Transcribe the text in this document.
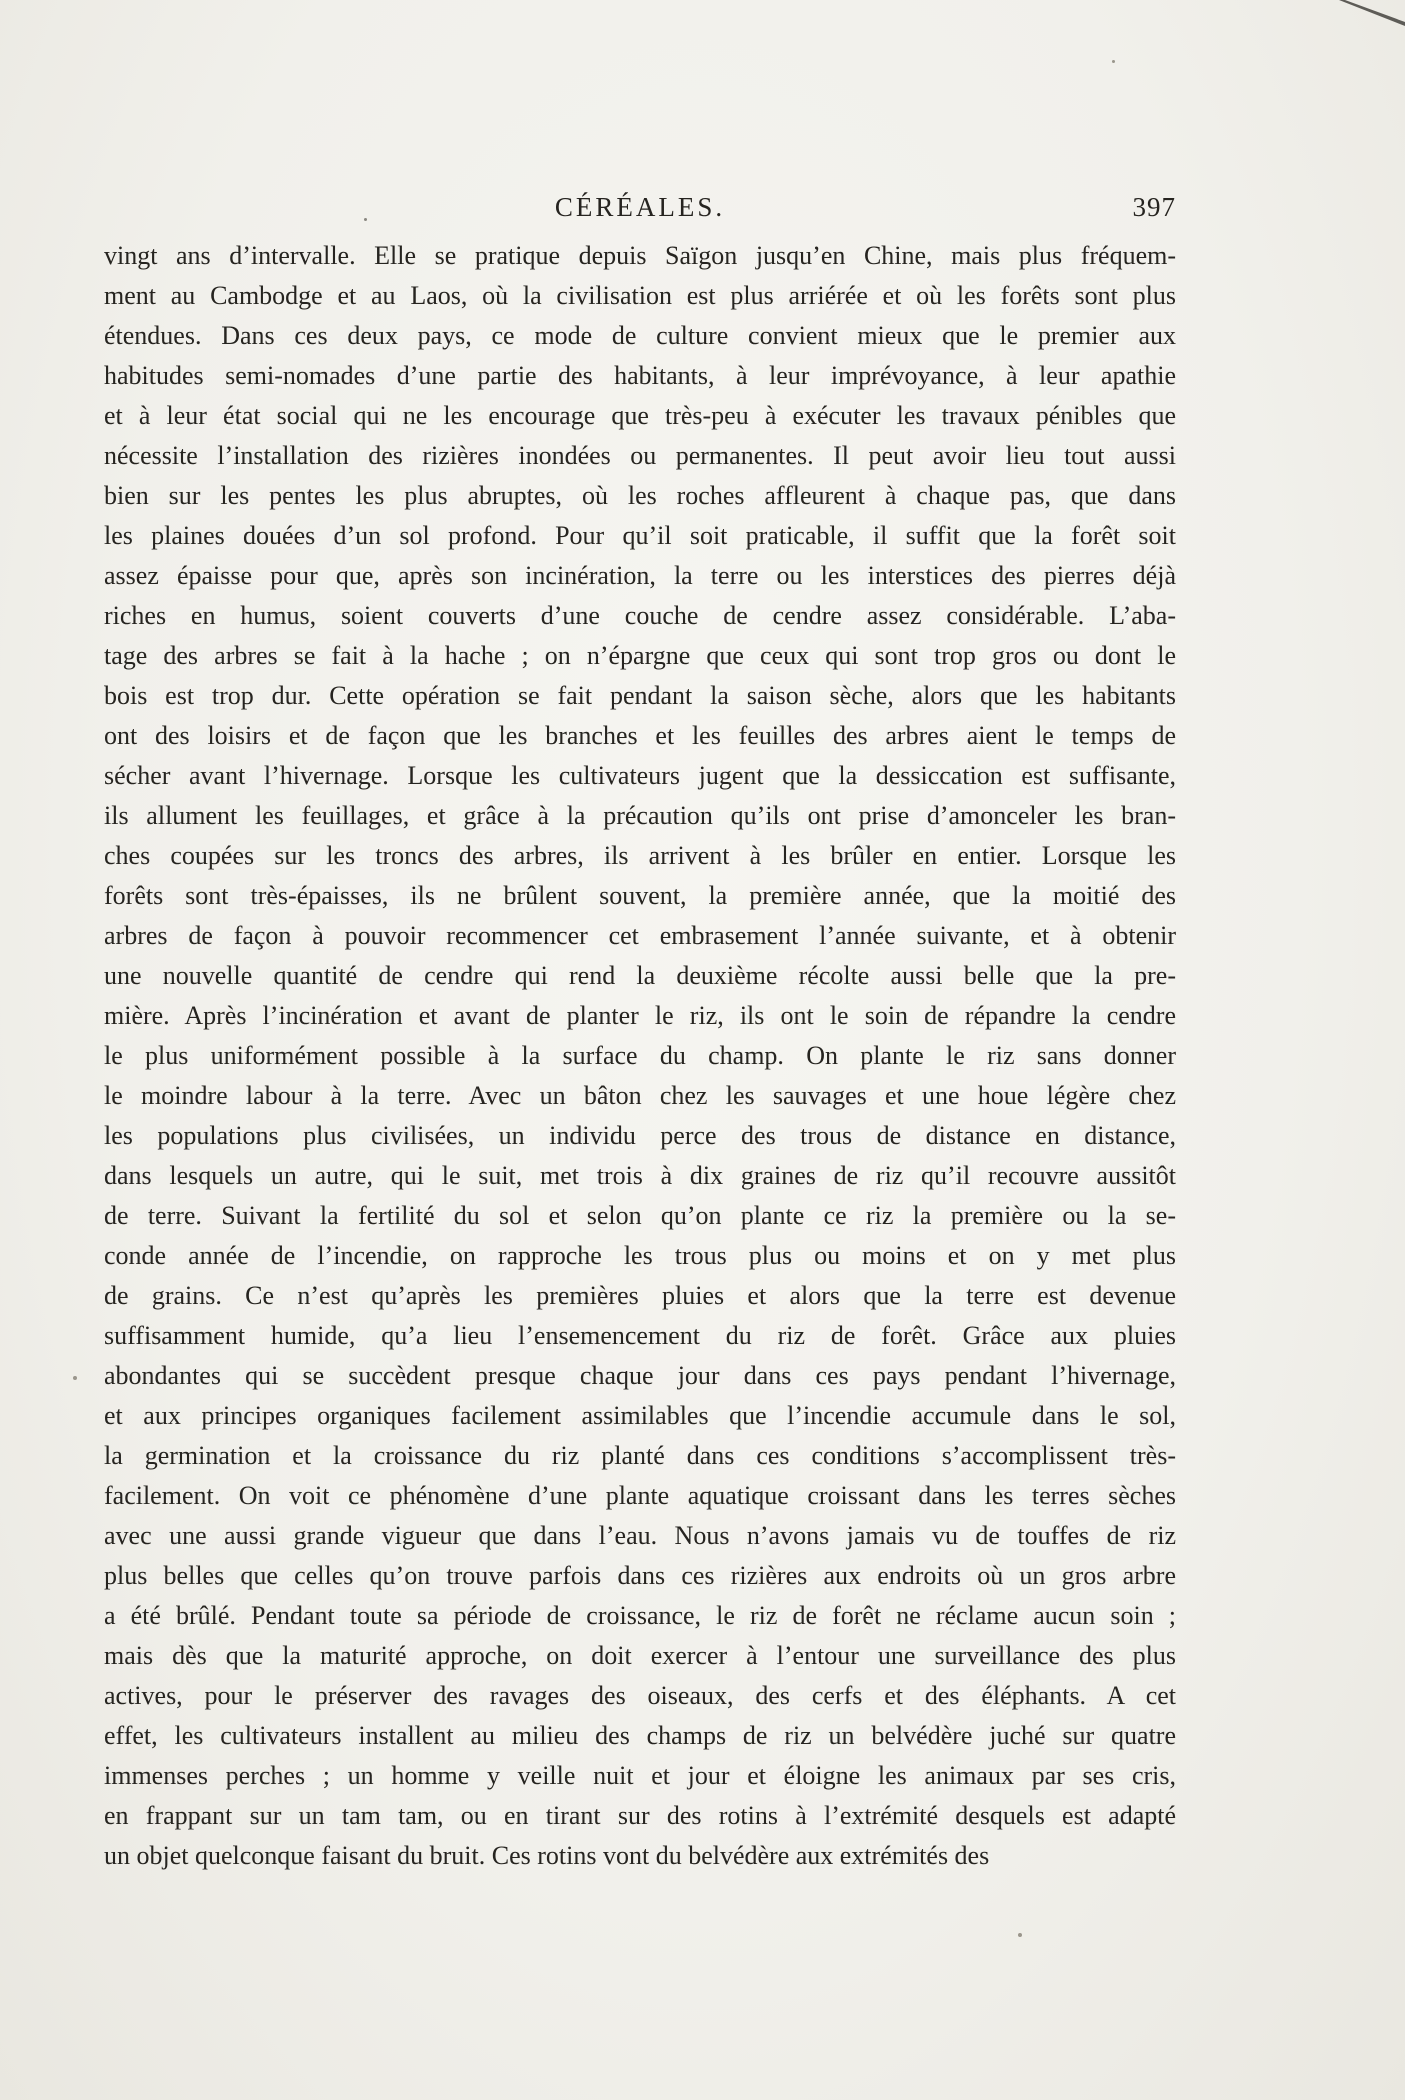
CÉRÉALES.	397
vingt ans d’intervalle. Elle se pratique depuis Saïgon jusqu’en Chine, mais plus fréquem-
ment au Cambodge et au Laos, où la civilisation est plus arriérée et où les forêts sont plus
étendues. Dans ces deux pays, ce mode de culture convient mieux que le premier aux
habitudes semi-nomades d’une partie des habitants, à leur imprévoyance, à leur apathie
et à leur état social qui ne les encourage que très-peu à exécuter les travaux pénibles que
nécessite l’installation des rizières inondées ou permanentes. Il peut avoir lieu tout aussi
bien sur les pentes les plus abruptes, où les roches affleurent à chaque pas, que dans
les plaines douées d’un sol profond. Pour qu’il soit praticable, il suffit que la forêt soit
assez épaisse pour que, après son incinération, la terre ou les interstices des pierres déjà
riches en humus, soient couverts d’une couche de cendre assez considérable. L’aba-
tage des arbres se fait à la hache ; on n’épargne que ceux qui sont trop gros ou dont le
bois est trop dur. Cette opération se fait pendant la saison sèche, alors que les habitants
ont des loisirs et de façon que les branches et les feuilles des arbres aient le temps de
sécher avant l’hivernage. Lorsque les cultivateurs jugent que la dessiccation est suffisante,
ils allument les feuillages, et grâce à la précaution qu’ils ont prise d’amonceler les bran-
ches coupées sur les troncs des arbres, ils arrivent à les brûler en entier. Lorsque les
forêts sont très-épaisses, ils ne brûlent souvent, la première année, que la moitié des
arbres de façon à pouvoir recommencer cet embrasement l’année suivante, et à obtenir
une nouvelle quantité de cendre qui rend la deuxième récolte aussi belle que la pre-
mière. Après l’incinération et avant de planter le riz, ils ont le soin de répandre la cendre
le plus uniformément possible à la surface du champ. On plante le riz sans donner
le moindre labour à la terre. Avec un bâton chez les sauvages et une houe légère chez
les populations plus civilisées, un individu perce des trous de distance en distance,
dans lesquels un autre, qui le suit, met trois à dix graines de riz qu’il recouvre aussitôt
de terre. Suivant la fertilité du sol et selon qu’on plante ce riz la première ou la se-
conde année de l’incendie, on rapproche les trous plus ou moins et on y met plus
de grains. Ce n’est qu’après les premières pluies et alors que la terre est devenue
suffisamment humide, qu’a lieu l’ensemencement du riz de forêt. Grâce aux pluies
abondantes qui se succèdent presque chaque jour dans ces pays pendant l’hivernage,
et aux principes organiques facilement assimilables que l’incendie accumule dans le sol,
la germination et la croissance du riz planté dans ces conditions s’accomplissent très-
facilement. On voit ce phénomène d’une plante aquatique croissant dans les terres sèches
avec une aussi grande vigueur que dans l’eau. Nous n’avons jamais vu de touffes de riz
plus belles que celles qu’on trouve parfois dans ces rizières aux endroits où un gros arbre
a été brûlé. Pendant toute sa période de croissance, le riz de forêt ne réclame aucun soin ;
mais dès que la maturité approche, on doit exercer à l’entour une surveillance des plus
actives, pour le préserver des ravages des oiseaux, des cerfs et des éléphants. A cet
effet, les cultivateurs installent au milieu des champs de riz un belvédère juché sur quatre
immenses perches ; un homme y veille nuit et jour et éloigne les animaux par ses cris,
en frappant sur un tam tam, ou en tirant sur des rotins à l’extrémité desquels est adapté
un objet quelconque faisant du bruit. Ces rotins vont du belvédère aux extrémités des
